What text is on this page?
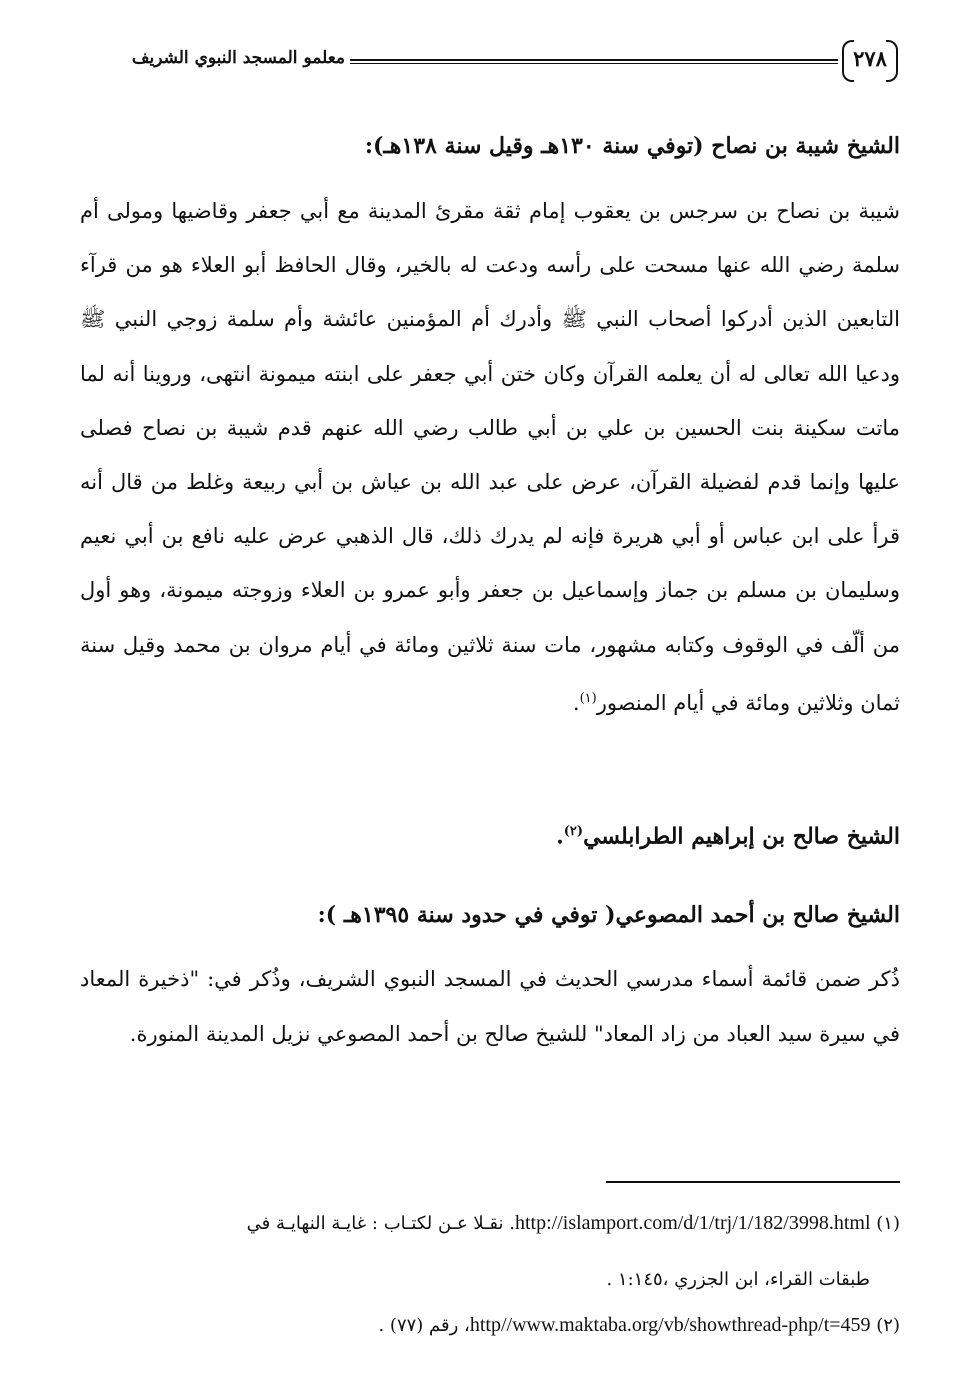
معلمو المسجد النبوي الشريف	٢٧٨
الشيخ شيبة بن نصاح (توفي سنة ١٣٠هـ وقيل سنة ١٣٨هـ):
شيبة بن نصاح بن سرجس بن يعقوب إمام ثقة مقرئ المدينة مع أبي جعفر وقاضيها ومولى أم سلمة رضي الله عنها مسحت على رأسه ودعت له بالخير، وقال الحافظ أبو العلاء هو من قرآء التابعين الذين أدركوا أصحاب النبي ﷺ وأدرك أم المؤمنين عائشة وأم سلمة زوجي النبي ﷺ ودعيا الله تعالى له أن يعلمه القرآن وكان ختن أبي جعفر على ابنته ميمونة انتهى، وروينا أنه لما ماتت سكينة بنت الحسين بن علي بن أبي طالب رضي الله عنهم قدم شيبة بن نصاح فصلى عليها وإنما قدم لفضيلة القرآن، عرض على عبد الله بن عياش بن أبي ربيعة وغلط من قال أنه قرأ على ابن عباس أو أبي هريرة فإنه لم يدرك ذلك، قال الذهبي عرض عليه نافع بن أبي نعيم وسليمان بن مسلم بن جماز وإسماعيل بن جعفر وأبو عمرو بن العلاء وزوجته ميمونة، وهو أول من ألّف في الوقوف وكتابه مشهور، مات سنة ثلاثين ومائة في أيام مروان بن محمد وقيل سنة ثمان وثلاثين ومائة في أيام المنصور$^{(١)}$.
الشيخ صالح بن إبراهيم الطرابلسي$^{(٢)}$.
الشيخ صالح بن أحمد المصوعي( توفي في حدود سنة ١٣٩٥هـ ):
ذُكر ضمن قائمة أسماء مدرسي الحديث في المسجد النبوي الشريف، وذُكر في: "ذخيرة المعاد في سيرة سيد العباد من زاد المعاد" للشيخ صالح بن أحمد المصوعي نزيل المدينة المنورة.
(١) http://islamport.com/d/1/trj/1/182/3998.html. نقـلا عـن لكتـاب : غايـة النهايـة في
طبقات القراء، ابن الجزري ،١:١٤٥ .
(٢) http//www.maktaba.org/vb/showthread-php/t=459، رقم (٧٧) .
